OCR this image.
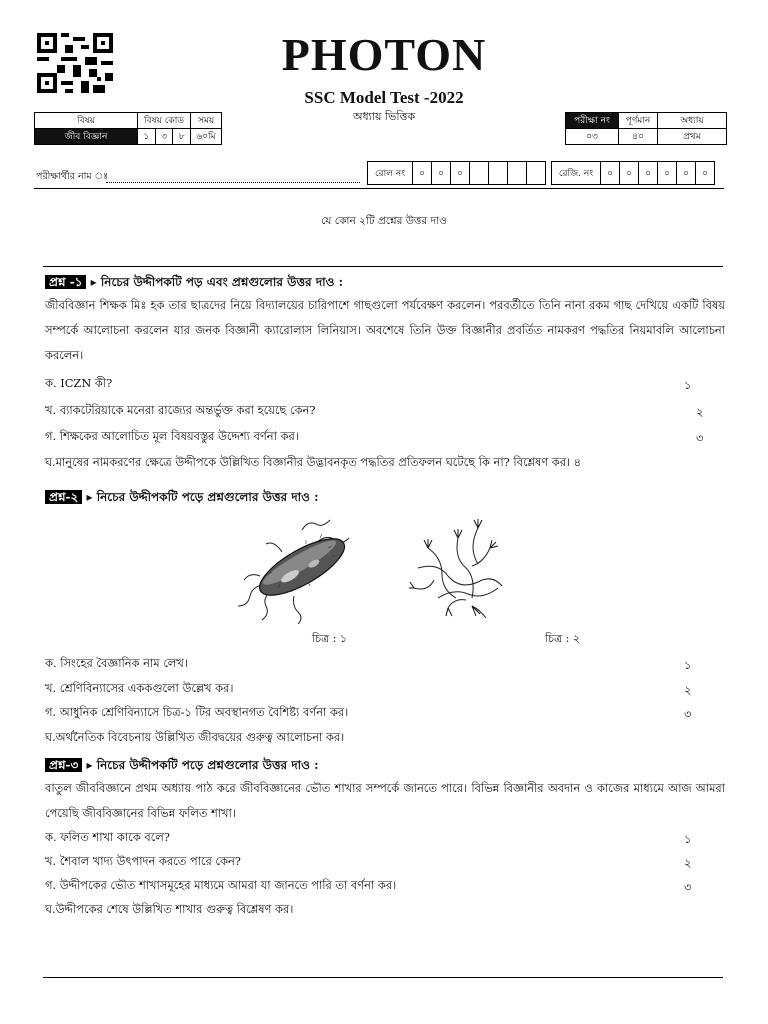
PHOTON
SSC Model Test -2022
অধ্যায় ভিত্তিক
বিষয়	বিষয় কোড			সময়
জীব বিজ্ঞান	১	৩	৮	৬০মি
পরীক্ষা নং	পূর্ণমান	অধ্যায়
০৩	৪০	প্রথম
পরীক্ষার্থীর নাম ঃ	রোল নং	০	০	০					রেজি. নং	০	০	০	০	০	০
যে কোন ২টি প্রশ্নের উত্তর দাও
প্রশ্ন -১ ▸ নিচের উদ্দীপকটি পড় এবং প্রশ্নগুলোর উত্তর দাও :
জীববিজ্ঞান শিক্ষক মিঃ হক তার ছাত্রদের নিয়ে বিদ্যালয়ের চারিপাশে গাছগুলো পর্যবেক্ষণ করলেন। পরবর্তীতে তিনি নানা রকম গাছ দেখিয়ে একটি বিষয় সম্পর্কে আলোচনা করলেন যার জনক বিজ্ঞানী ক্যারোলাস লিনিয়াস। অবশেষে তিনি উক্ত বিজ্ঞানীর প্রবর্তিত নামকরণ পদ্ধতির নিয়মাবলি আলোচনা করলেন।
ক. ICZN কী?	১
খ. ব্যাকটেরিয়াকে মনেরা রাজ্যের অন্তর্ভুক্ত করা হয়েছে কেন?	২
গ. শিক্ষকের আলোচিত মূল বিষয়বস্তুর উদ্দেশ্য বর্ণনা কর।	৩
ঘ.মানুষের নামকরণের ক্ষেত্রে উদ্দীপকে উল্লিখিত বিজ্ঞানীর উদ্ভাবনকৃত পদ্ধতির প্রতিফলন ঘটেছে কি না? বিশ্লেষণ কর। ৪
প্রশ্ন-২ ▸ নিচের উদ্দীপকটি পড়ে প্রশ্নগুলোর উত্তর দাও :
চিত্র : ১	চিত্র : ২
ক. সিংহের বৈজ্ঞানিক নাম লেখ।	১
খ. শ্রেণিবিন্যাসের এককগুলো উল্লেখ কর।	২
গ. আধুনিক শ্রেণিবিন্যাসে চিত্র-১ টির অবস্থানগত বৈশিষ্ট্য বর্ণনা কর।	৩
ঘ.অর্থনৈতিক বিবেচনায় উল্লিখিত জীবদ্বয়ের গুরুত্ব আলোচনা কর।
প্রশ্ন-৩ ▸ নিচের উদ্দীপকটি পড়ে প্রশ্নগুলোর উত্তর দাও :
বাতুল জীববিজ্ঞানে প্রথম অধ্যায় পাঠ করে জীববিজ্ঞানের ভৌত শাখার সম্পর্কে জানতে পারে। বিভিন্ন বিজ্ঞানীর অবদান ও কাজের মাধ্যমে আজ আমরা পেয়েছি জীববিজ্ঞানের বিভিন্ন ফলিত শাখা।
ক. ফলিত শাখা কাকে বলে?	১
খ. শৈবাল খাদ্য উৎপাদন করতে পারে কেন?	২
গ. উদ্দীপকের ভৌত শাখাসমূহের মাধ্যমে আমরা যা জানতে পারি তা বর্ণনা কর।	৩
ঘ.উদ্দীপকের শেষে উল্লিখিত শাখার গুরুত্ব বিশ্লেষণ কর।
